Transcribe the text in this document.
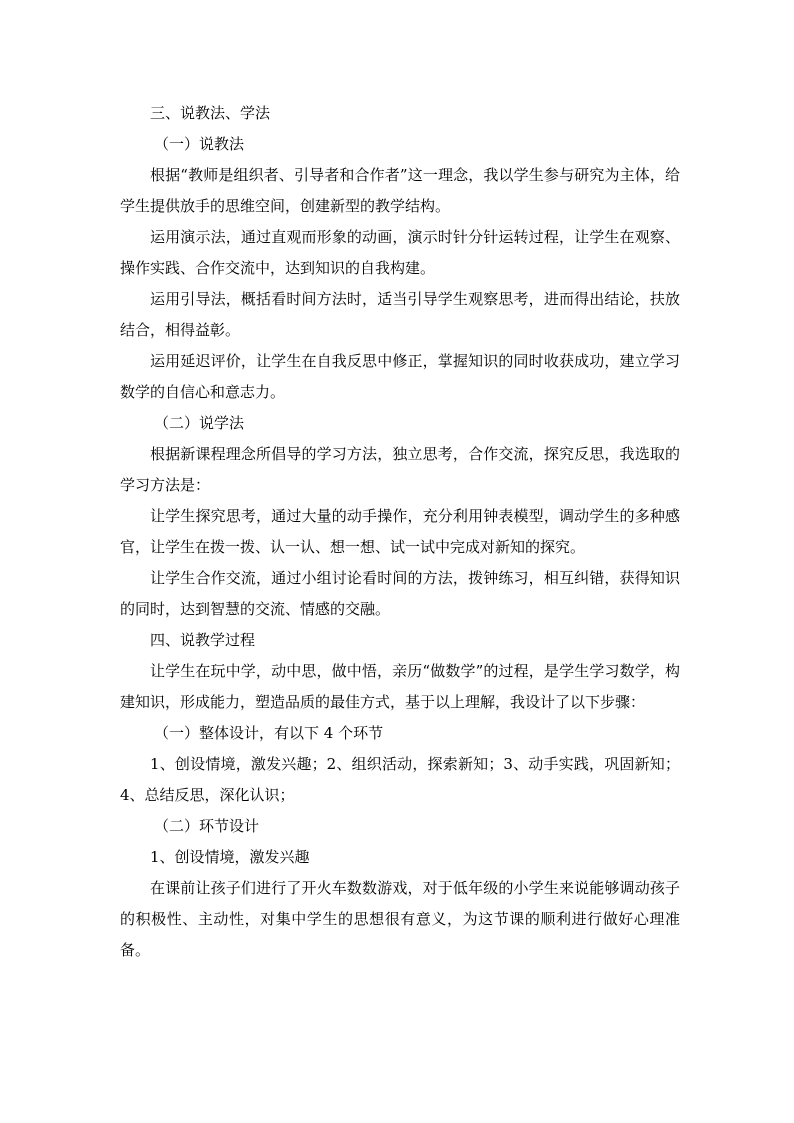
三、说教法、学法

（一）说教法

根据“教师是组织者、引导者和合作者”这一理念，我以学生参与研究为主体，给学生提供放手的思维空间，创建新型的教学结构。

运用演示法，通过直观而形象的动画，演示时针分针运转过程，让学生在观察、操作实践、合作交流中，达到知识的自我构建。

运用引导法，概括看时间方法时，适当引导学生观察思考，进而得出结论，扶放结合，相得益彰。

运用延迟评价，让学生在自我反思中修正，掌握知识的同时收获成功，建立学习数学的自信心和意志力。

（二）说学法

根据新课程理念所倡导的学习方法，独立思考，合作交流，探究反思，我选取的学习方法是：

让学生探究思考，通过大量的动手操作，充分利用钟表模型，调动学生的多种感官，让学生在拨一拨、认一认、想一想、试一试中完成对新知的探究。

让学生合作交流，通过小组讨论看时间的方法，拨钟练习，相互纠错，获得知识的同时，达到智慧的交流、情感的交融。

四、说教学过程

让学生在玩中学，动中思，做中悟，亲历“做数学”的过程，是学生学习数学，构建知识，形成能力，塑造品质的最佳方式，基于以上理解，我设计了以下步骤：

（一）整体设计，有以下 4 个环节

1、创设情境，激发兴趣；2、组织活动，探索新知；3、动手实践，巩固新知；4、总结反思，深化认识；

（二）环节设计

1、创设情境，激发兴趣

在课前让孩子们进行了开火车数数游戏，对于低年级的小学生来说能够调动孩子的积极性、主动性，对集中学生的思想很有意义，为这节课的顺利进行做好心理准备。
